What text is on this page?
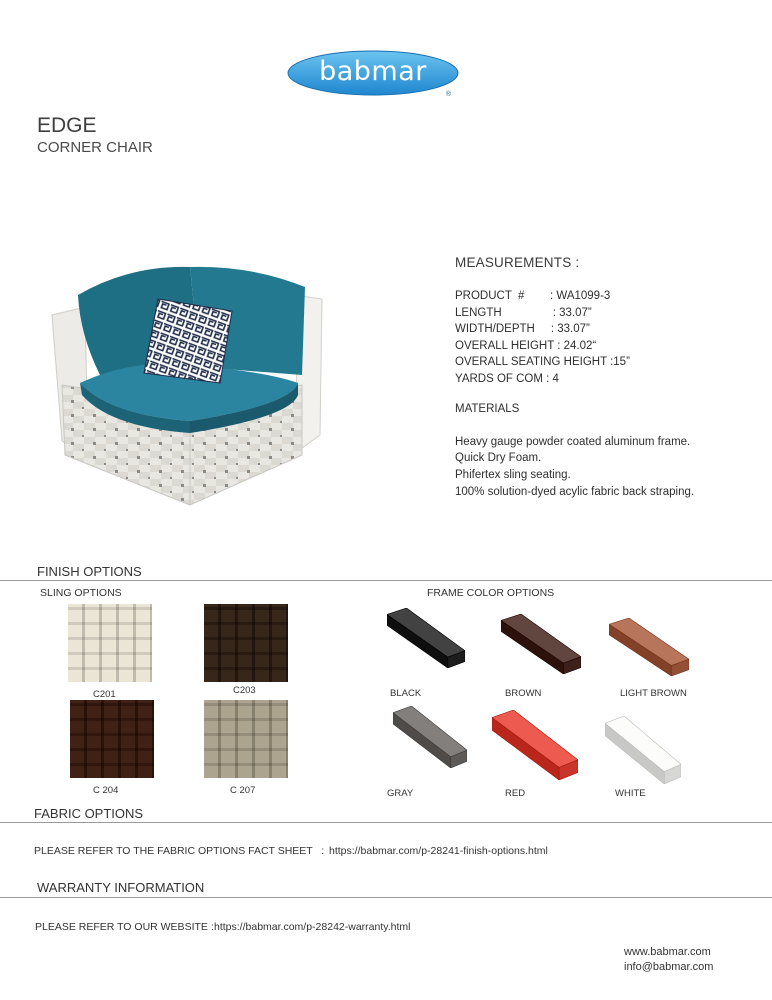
babmar
®
EDGE
CORNER CHAIR
MEASUREMENTS :
PRODUCT  #        : WA1099-3
LENGTH                : 33.07”
WIDTH/DEPTH     : 33.07”
OVERALL HEIGHT : 24.02“
OVERALL SEATING HEIGHT :15”
YARDS OF COM : 4
MATERIALS
Heavy gauge powder coated aluminum frame.
Quick Dry Foam.
Phifertex sling seating.
100% solution-dyed acylic fabric back straping.
FINISH OPTIONS
SLING OPTIONS	FRAME COLOR OPTIONS
C201	C203
C 204	C 207
BLACK	BROWN	LIGHT BROWN
GRAY	RED	WHITE
FABRIC OPTIONS
PLEASE REFER TO THE FABRIC OPTIONS FACT SHEET   : https://babmar.com/p-28241-finish-options.html
WARRANTY INFORMATION
PLEASE REFER TO OUR WEBSITE : https://babmar.com/p-28242-warranty.html
www.babmar.com
info@babmar.com
